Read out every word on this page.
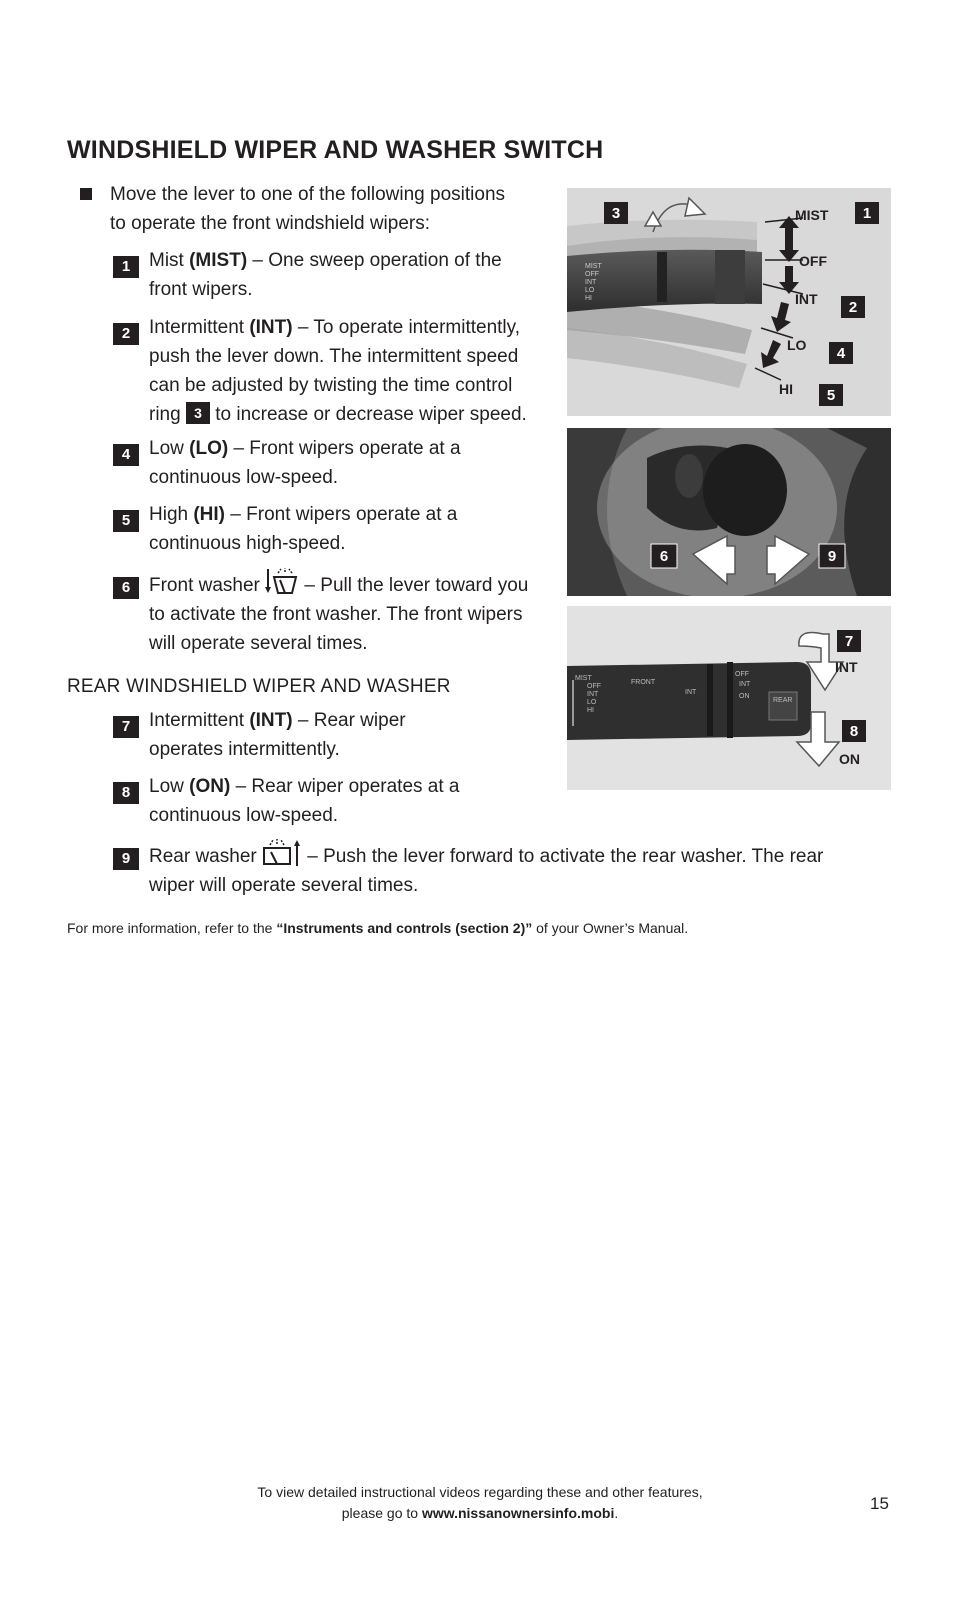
WINDSHIELD WIPER AND WASHER SWITCH
Move the lever to one of the following positions
to operate the front windshield wipers:
1 Mist (MIST) – One sweep operation of the
front wipers.
2 Intermittent (INT) – To operate intermittently,
push the lever down. The intermittent speed
can be adjusted by twisting the time control
ring 3 to increase or decrease wiper speed.
4 Low (LO) – Front wipers operate at a
continuous low-speed.
5 High (HI) – Front wipers operate at a
continuous high-speed.
6 Front washer  – Pull the lever toward you
to activate the front washer. The front wipers
will operate several times.
REAR WINDSHIELD WIPER AND WASHER
7 Intermittent (INT) – Rear wiper
operates intermittently.
8 Low (ON) – Rear wiper operates at a
continuous low-speed.
9 Rear washer  – Push the lever forward to activate the rear washer. The rear
wiper will operate several times.
For more information, refer to the “Instruments and controls (section 2)” of your Owner’s Manual.
MIST
OFF
INT
LO
HI
MIST
OFF
INT
LO
HI
3	1
2
4
5
6	9
MIST
OFF
INT
LO
HI
FRONT
INT
OFF
INT
ON
REAR
7
INT
8
ON
To view detailed instructional videos regarding these and other features,
please go to www.nissanownersinfo.mobi.	15
